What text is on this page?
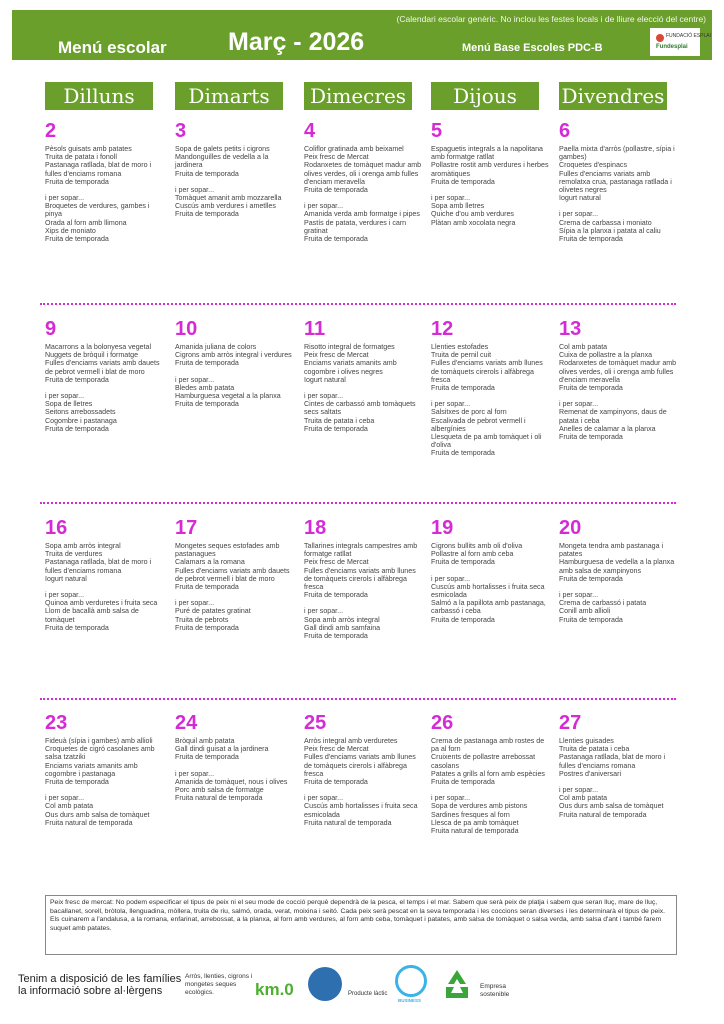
(Calendari escolar genèric. No inclou les festes locals i de lliure elecció del centre)
Menú escolar Març - 2026	Menú Base Escoles PDC-B
FUNDACIÓ ESPLAI
Fundesplai
Dilluns	Dimarts	Dimecres	Dijous	Divendres
2
Pèsols guisats amb patates
Truita de patata i fonoll
Pastanaga ratllada, blat de moro i fulles d'enciams romana
Fruita de temporada
i per sopar...
Broquetes de verdures, gambes i pinya
Orada al forn amb llimona
Xips de moniato
Fruita de temporada
3
Sopa de galets petits i cigrons
Mandonguilles de vedella a la jardinera
Fruita de temporada
i per sopar...
Tomàquet amanit amb mozzarella
Cuscús amb verdures i ametlles
Fruita de temporada
4
Coliflor gratinada amb beixamel
Peix fresc de Mercat
Rodanxetes de tomàquet madur amb olives verdes, oli i orenga amb fulles d'enciam meravella
Fruita de temporada
i per sopar...
Amanida verda amb formatge i pipes
Pastís de patata, verdures i carn gratinat
Fruita de temporada
5
Espaguetis integrals a la napolitana amb formatge ratllat
Pollastre rostit amb verdures i herbes aromàtiques
Fruita de temporada
i per sopar...
Sopa amb lletres
Quiche d'ou amb verdures
Plàtan amb xocolata negra
6
Paella mixta d'arròs (pollastre, sípia i gambes)
Croquetes d'espinacs
Fulles d'enciams variats amb remolatxa crua, pastanaga ratllada i olivetes negres
Iogurt natural
i per sopar...
Crema de carbassa i moniato
Sípia a la planxa i patata al caliu
Fruita de temporada
9
Macarrons a la bolonyesa vegetal
Nuggets de bròquil i formatge
Fulles d'enciams variats amb dauets de pebrot vermell i blat de moro
Fruita de temporada
i per sopar...
Sopa de lletres
Seitons arrebossadets
Cogombre i pastanaga
Fruita de temporada
10
Amanida juliana de colors
Cigrons amb arròs integral i verdures
Fruita de temporada
i per sopar...
Bledes amb patata
Hamburguesa vegetal a la planxa
Fruita de temporada
11
Risotto integral de formatges
Peix fresc de Mercat
Enciams variats amanits amb cogombre i olives negres
Iogurt natural
i per sopar...
Cintes de carbassó amb tomàquets secs saltats
Truita de patata i ceba
Fruita de temporada
12
Llenties estofades
Truita de pernil cuit
Fulles d'enciams variats amb llunes de tomàquets cirerols i alfàbrega fresca
Fruita de temporada
i per sopar...
Salsitxes de porc al forn
Escalivada de pebrot vermell i albergínies
Llesqueta de pa amb tomàquet i oli d'oliva
Fruita de temporada
13
Col amb patata
Cuixa de pollastre a la planxa
Rodanxetes de tomàquet madur amb olives verdes, oli i orenga amb fulles d'enciam meravella
Fruita de temporada
i per sopar...
Remenat de xampinyons, daus de patata i ceba
Anelles de calamar a la planxa
Fruita de temporada
16
Sopa amb arròs integral
Truita de verdures
Pastanaga ratllada, blat de moro i fulles d'enciams romana
Iogurt natural
i per sopar...
Quinoa amb verduretes i fruita seca
Llom de bacallà amb salsa de tomàquet
Fruita de temporada
17
Mongetes seques estofades amb pastanagues
Calamars a la romana
Fulles d'enciams variats amb dauets de pebrot vermell i blat de moro
Fruita de temporada
i per sopar...
Puré de patates gratinat
Truita de pebrots
Fruita de temporada
18
Tallarines integrals campestres amb formatge ratllat
Peix fresc de Mercat
Fulles d'enciams variats amb llunes de tomàquets cirerols i alfàbrega fresca
Fruita de temporada
i per sopar...
Sopa amb arròs integral
Gall dindi amb samfaina
Fruita de temporada
19
Cigrons bullits amb oli d'oliva
Pollastre al forn amb ceba
Fruita de temporada
i per sopar...
Cuscús amb hortalisses i fruita seca esmicolada
Salmó a la papillota amb pastanaga, carbassó i ceba
Fruita de temporada
20
Mongeta tendra amb pastanaga i patates
Hamburguesa de vedella a la planxa amb salsa de xampinyons
Fruita de temporada
i per sopar...
Crema de carbassó i patata
Conill amb allioli
Fruita de temporada
23
Fideuà (sípia i gambes) amb allioli
Croquetes de cigró casolanes amb salsa tzatziki
Enciams variats amanits amb cogombre i pastanaga
Fruita de temporada
i per sopar...
Col amb patata
Ous durs amb salsa de tomàquet
Fruita natural de temporada
24
Bròquil amb patata
Gall dindi guisat a la jardinera
Fruita de temporada
i per sopar...
Amanida de tomàquet, nous i olives
Porc amb salsa de formatge
Fruita natural de temporada
25
Arròs integral amb verduretes
Peix fresc de Mercat
Fulles d'enciams variats amb llunes de tomàquets cirerols i alfàbrega fresca
Fruita de temporada
i per sopar...
Cuscús amb hortalisses i fruita seca esmicolada
Fruita natural de temporada
26
Crema de pastanaga amb rostes de pa al forn
Cruixents de pollastre arrebossat casolans
Patates a grills al forn amb espècies
Fruita de temporada
i per sopar...
Sopa de verdures amb pistons
Sardines fresques al forn
Llesca de pa amb tomàquet
Fruita natural de temporada
27
Llenties guisades
Truita de patata i ceba
Pastanaga ratllada, blat de moro i fulles d'enciams romana
Postres d'aniversari
i per sopar...
Col amb patata
Ous durs amb salsa de tomàquet
Fruita natural de temporada
Peix fresc de mercat: No podem especificar el tipus de peix ni el seu mode de cocció perquè dependrà de la pesca, el temps i el mar. Sabem que serà peix de platja i sabem que seran lluç, mare de lluç, bacallanet, sorell, bròtola, llenguadina, mòllera, truita de riu, salmó, orada, verat, moixina i seitó. Cada peix serà pescat en la seva temporada i les coccions seran diverses i les determinarà el tipus de peix. Els cuinarem a l'andalusa, a la romana, enfarinat, arrebossat, a la planxa, al forn amb verdures, al forn amb ceba, tomàquet i patates, amb salsa de tomàquet o salsa verda, amb salsa d'ant i també farem suquet amb patates.
Tenim a disposició de les famílies
la informació sobre al·lèrgens
Arròs, llenties, cigrons i mongetes seques ecològics.	km.0	Producte làctic
BUSINESS
Empresa
sostenible
